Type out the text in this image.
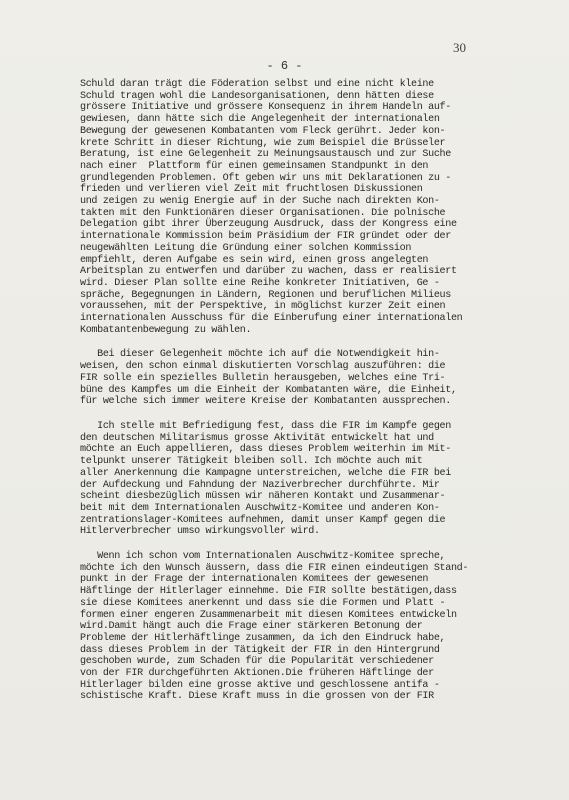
30
- 6 -
Schuld daran trägt die Föderation selbst und eine nicht kleine
Schuld tragen wohl die Landesorganisationen, denn hätten diese
grössere Initiative und grössere Konsequenz in ihrem Handeln auf-
gewiesen, dann hätte sich die Angelegenheit der internationalen
Bewegung der gewesenen Kombatanten vom Fleck gerührt. Jeder kon-
krete Schritt in dieser Richtung, wie zum Beispiel die Brüsseler
Beratung, ist eine Gelegenheit zu Meinungsaustausch und zur Suche
nach einer  Plattform für einen gemeinsamen Standpunkt in den
grundlegenden Problemen. Oft geben wir uns mit Deklarationen zu -
frieden und verlieren viel Zeit mit fruchtlosen Diskussionen
und zeigen zu wenig Energie auf in der Suche nach direkten Kon-
takten mit den Funktionären dieser Organisationen. Die polnische
Delegation gibt ihrer Überzeugung Ausdruck, dass der Kongress eine
internationale Kommission beim Präsidium der FIR gründet oder der
neugewählten Leitung die Gründung einer solchen Kommission
empfiehlt, deren Aufgabe es sein wird, einen gross angelegten
Arbeitsplan zu entwerfen und darüber zu wachen, dass er realisiert
wird. Dieser Plan sollte eine Reihe konkreter Initiativen, Ge -
spräche, Begegnungen in Ländern, Regionen und beruflichen Milieus
voraussehen, mit der Perspektive, in möglichst kurzer Zeit einen
internationalen Ausschuss für die Einberufung einer internationalen
Kombatantenbewegung zu wählen.
Bei dieser Gelegenheit möchte ich auf die Notwendigkeit hin-
weisen, den schon einmal diskutierten Vorschlag auszuführen: die
FIR solle ein spezielles Bulletin herausgeben, welches eine Tri-
büne des Kampfes um die Einheit der Kombatanten wäre, die Einheit,
für welche sich immer weitere Kreise der Kombatanten aussprechen.
Ich stelle mit Befriedigung fest, dass die FIR im Kampfe gegen
den deutschen Militarismus grosse Aktivität entwickelt hat und
möchte an Euch appellieren, dass dieses Problem weiterhin im Mit-
telpunkt unserer Tätigkeit bleiben soll. Ich möchte auch mit
aller Anerkennung die Kampagne unterstreichen, welche die FIR bei
der Aufdeckung und Fahndung der Naziverbrecher durchführte. Mir
scheint diesbezüglich müssen wir näheren Kontakt und Zusammenar-
beit mit dem Internationalen Auschwitz-Komitee und anderen Kon-
zentrationslager-Komitees aufnehmen, damit unser Kampf gegen die
Hitlerverbrecher umso wirkungsvoller wird.
Wenn ich schon vom Internationalen Auschwitz-Komitee spreche,
möchte ich den Wunsch äussern, dass die FIR einen eindeutigen Stand-
punkt in der Frage der internationalen Komitees der gewesenen
Häftlinge der Hitlerlager einnehme. Die FIR sollte bestätigen,dass
sie diese Komitees anerkennt und dass sie die Formen und Platt -
formen einer engeren Zusammenarbeit mit diesen Komitees entwickeln
wird.Damit hängt auch die Frage einer stärkeren Betonung der
Probleme der Hitlerhäftlinge zusammen, da ich den Eindruck habe,
dass dieses Problem in der Tätigkeit der FIR in den Hintergrund
geschoben wurde, zum Schaden für die Popularität verschiedener
von der FIR durchgeführten Aktionen.Die früheren Häftlinge der
Hitlerlager bilden eine grosse aktive und geschlossene antifa -
schistische Kraft. Diese Kraft muss in die grossen von der FIR
